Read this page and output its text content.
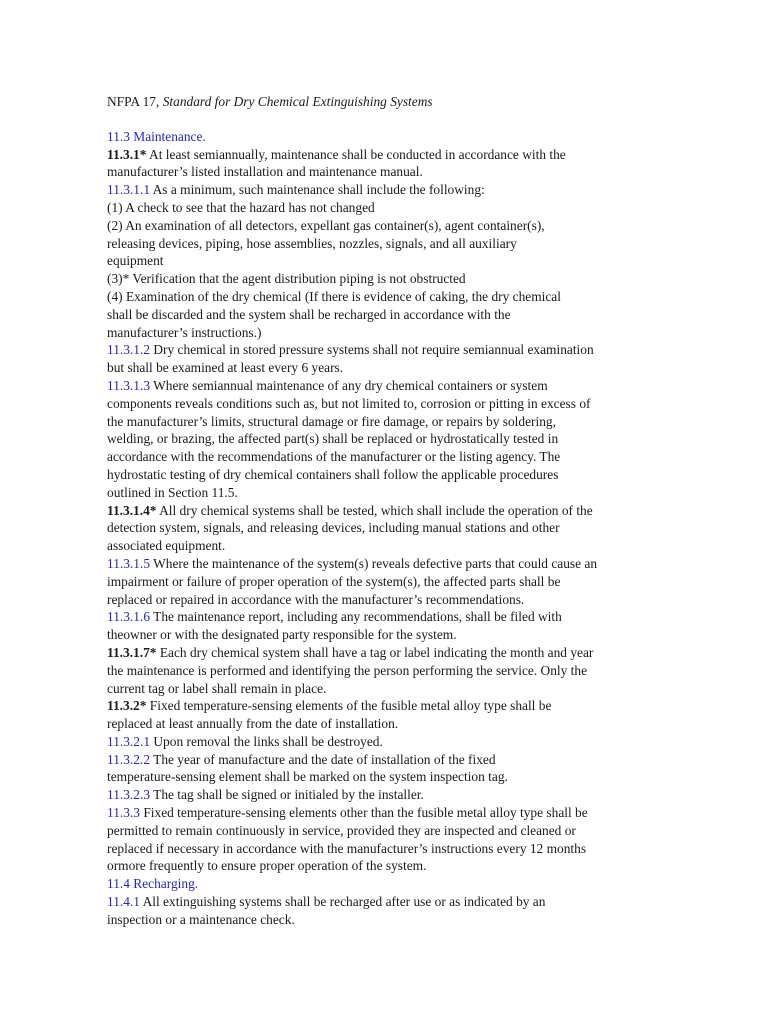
NFPA 17, Standard for Dry Chemical Extinguishing Systems
11.3 Maintenance.
11.3.1* At least semiannually, maintenance shall be conducted in accordance with the
manufacturer’s listed installation and maintenance manual.
11.3.1.1 As a minimum, such maintenance shall include the following:
(1) A check to see that the hazard has not changed
(2) An examination of all detectors, expellant gas container(s), agent container(s),
releasing devices, piping, hose assemblies, nozzles, signals, and all auxiliary
equipment
(3)* Verification that the agent distribution piping is not obstructed
(4) Examination of the dry chemical (If there is evidence of caking, the dry chemical
shall be discarded and the system shall be recharged in accordance with the
manufacturer’s instructions.)
11.3.1.2 Dry chemical in stored pressure systems shall not require semiannual examination
but shall be examined at least every 6 years.
11.3.1.3 Where semiannual maintenance of any dry chemical containers or system
components reveals conditions such as, but not limited to, corrosion or pitting in excess of
the manufacturer’s limits, structural damage or fire damage, or repairs by soldering,
welding, or brazing, the affected part(s) shall be replaced or hydrostatically tested in
accordance with the recommendations of the manufacturer or the listing agency. The
hydrostatic testing of dry chemical containers shall follow the applicable procedures
outlined in Section 11.5.
11.3.1.4* All dry chemical systems shall be tested, which shall include the operation of the
detection system, signals, and releasing devices, including manual stations and other
associated equipment.
11.3.1.5 Where the maintenance of the system(s) reveals defective parts that could cause an
impairment or failure of proper operation of the system(s), the affected parts shall be
replaced or repaired in accordance with the manufacturer’s recommendations.
11.3.1.6 The maintenance report, including any recommendations, shall be filed with
theowner or with the designated party responsible for the system.
11.3.1.7* Each dry chemical system shall have a tag or label indicating the month and year
the maintenance is performed and identifying the person performing the service. Only the
current tag or label shall remain in place.
11.3.2* Fixed temperature-sensing elements of the fusible metal alloy type shall be
replaced at least annually from the date of installation.
11.3.2.1 Upon removal the links shall be destroyed.
11.3.2.2 The year of manufacture and the date of installation of the fixed
temperature-sensing element shall be marked on the system inspection tag.
11.3.2.3 The tag shall be signed or initialed by the installer.
11.3.3 Fixed temperature-sensing elements other than the fusible metal alloy type shall be
permitted to remain continuously in service, provided they are inspected and cleaned or
replaced if necessary in accordance with the manufacturer’s instructions every 12 months
ormore frequently to ensure proper operation of the system.
11.4 Recharging.
11.4.1 All extinguishing systems shall be recharged after use or as indicated by an
inspection or a maintenance check.
